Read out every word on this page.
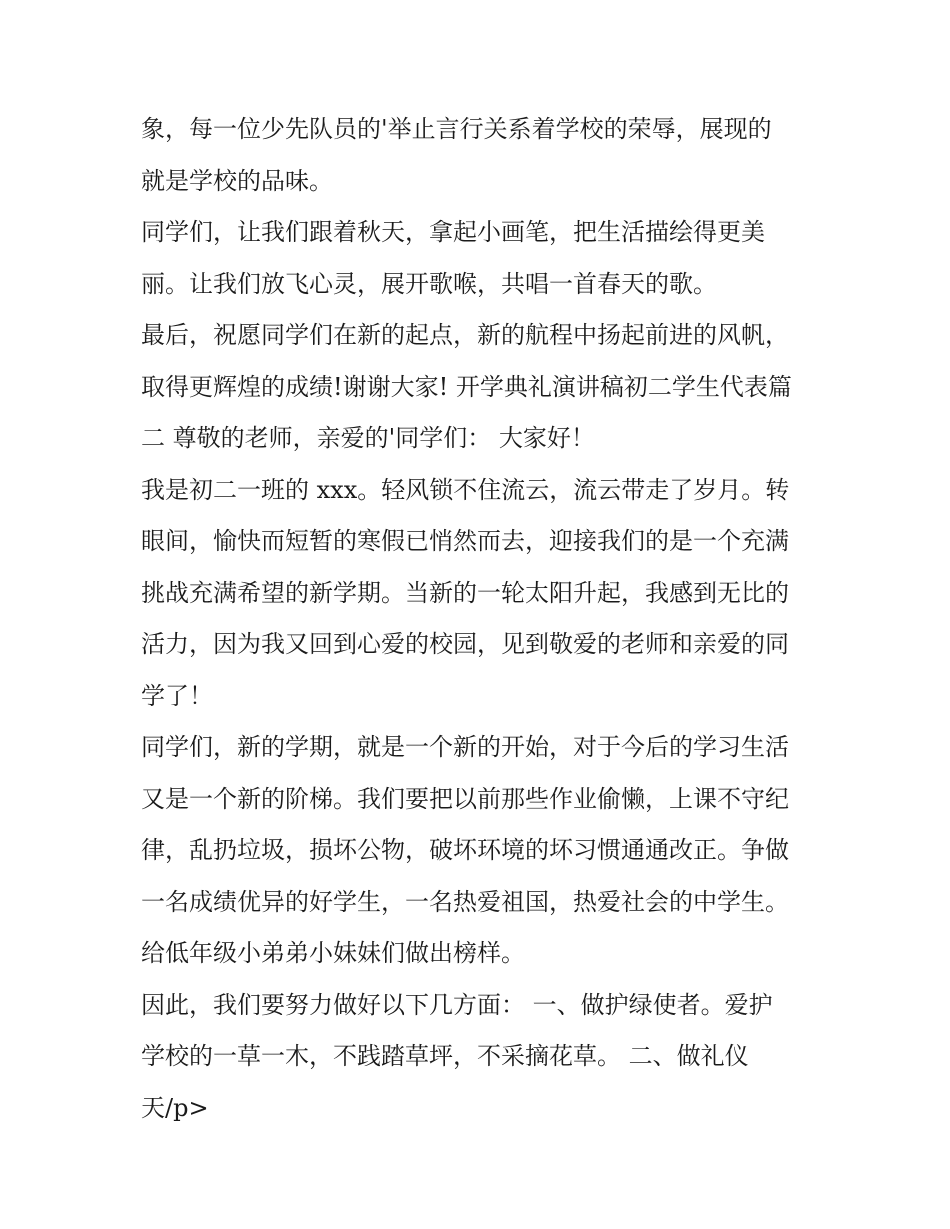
象，每一位少先队员的'举止言行关系着学校的荣辱，展现的
就是学校的品味。
同学们，让我们跟着秋天，拿起小画笔，把生活描绘得更美
丽。让我们放飞心灵，展开歌喉，共唱一首春天的歌。
最后，祝愿同学们在新的起点，新的航程中扬起前进的风帆，
取得更辉煌的成绩!谢谢大家! 开学典礼演讲稿初二学生代表篇
二 尊敬的老师，亲爱的'同学们： 大家好！
我是初二一班的 xxx。轻风锁不住流云，流云带走了岁月。转
眼间，愉快而短暂的寒假已悄然而去，迎接我们的是一个充满
挑战充满希望的新学期。当新的一轮太阳升起，我感到无比的
活力，因为我又回到心爱的校园，见到敬爱的老师和亲爱的同
学了！
同学们，新的学期，就是一个新的开始，对于今后的学习生活
又是一个新的阶梯。我们要把以前那些作业偷懒，上课不守纪
律，乱扔垃圾，损坏公物，破坏环境的坏习惯通通改正。争做
一名成绩优异的好学生，一名热爱祖国，热爱社会的中学生。
给低年级小弟弟小妹妹们做出榜样。
因此，我们要努力做好以下几方面： 一、做护绿使者。爱护
学校的一草一木，不践踏草坪，不采摘花草。 二、做礼仪
天/p>
